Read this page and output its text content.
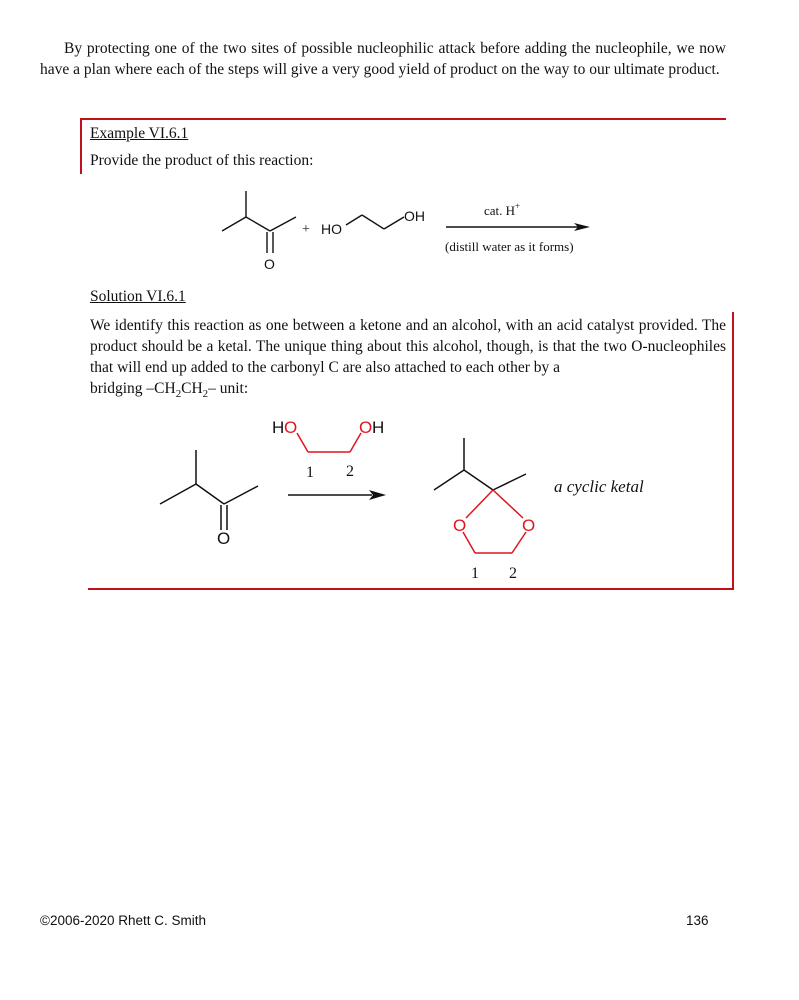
By protecting one of the two sites of possible nucleophilic attack before adding the nucleophile, we now have a plan where each of the steps will give a very good yield of product on the way to our ultimate product.

Example VI.6.1
Provide the product of this reaction:
O
+ HO
OH	cat. H+
(distill water as it forms)
Solution VI.6.1
We identify this reaction as one between a ketone and an alcohol, with an acid catalyst provided. The product should be a ketal. The unique thing about this alcohol, though, is that the two O-nucleophiles that will end up added to the carbonyl C are also attached to each other by a
bridging $-CH_2CH_2-$ unit:
O
H O	O H
1 2
O	O
1 2
a cyclic ketal
©2006-2020 Rhett C. Smith	136
